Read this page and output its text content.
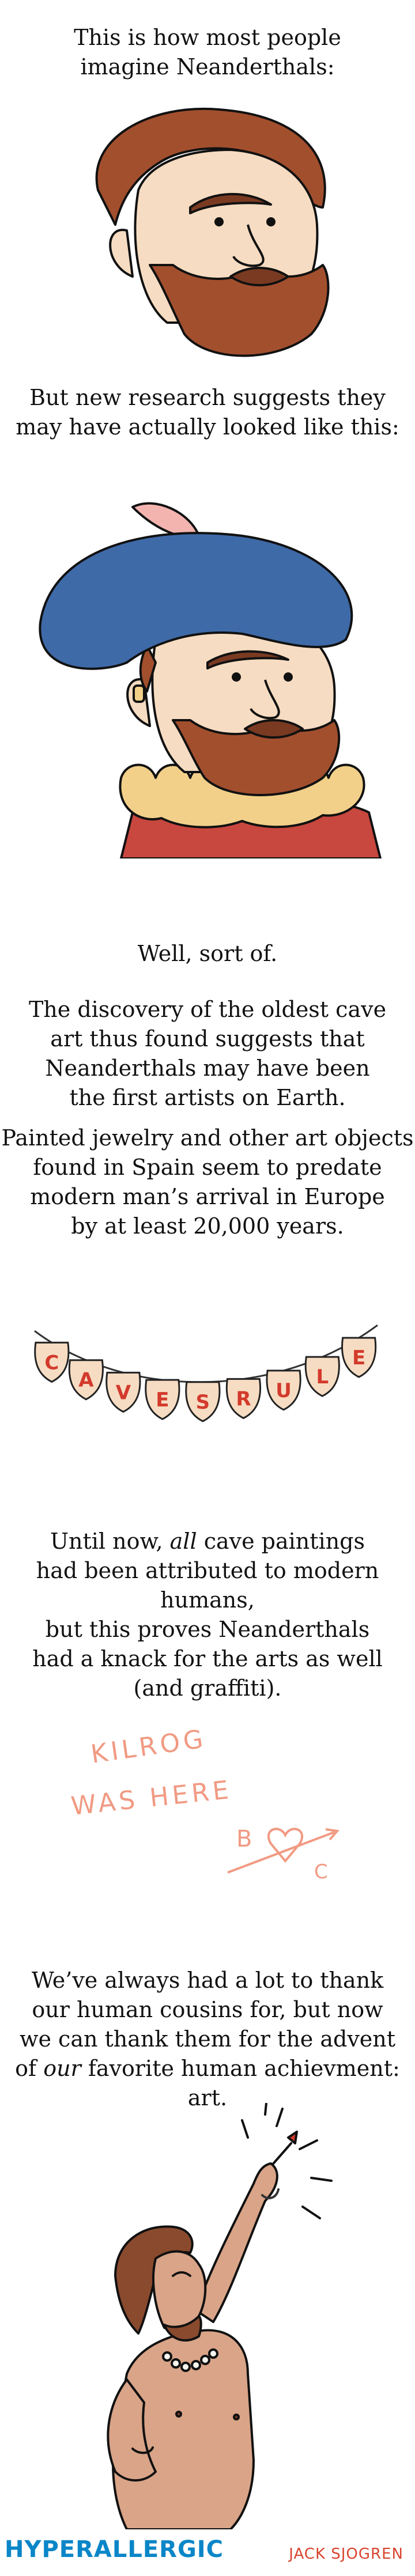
This is how most people
imagine Neanderthals:
But new research suggests they
may have actually looked like this:
Well, sort of.
The discovery of the oldest cave
art thus found suggests that
Neanderthals may have been
the first artists on Earth.
Painted jewelry and other art objects
found in Spain seem to predate
modern man’s arrival in Europe
by at least 20,000 years.
C
A
V E S R U
L
E
Until now, all cave paintings
had been attributed to modern humans,
but this proves Neanderthals
had a knack for the arts as well
(and graffiti).
KILROG
WAS HERE
B
C
We’ve always had a lot to thank
our human cousins for, but now
we can thank them for the advent
of our favorite human achievment: art.
HYPERALLERGIC	JACK SJOGREN
